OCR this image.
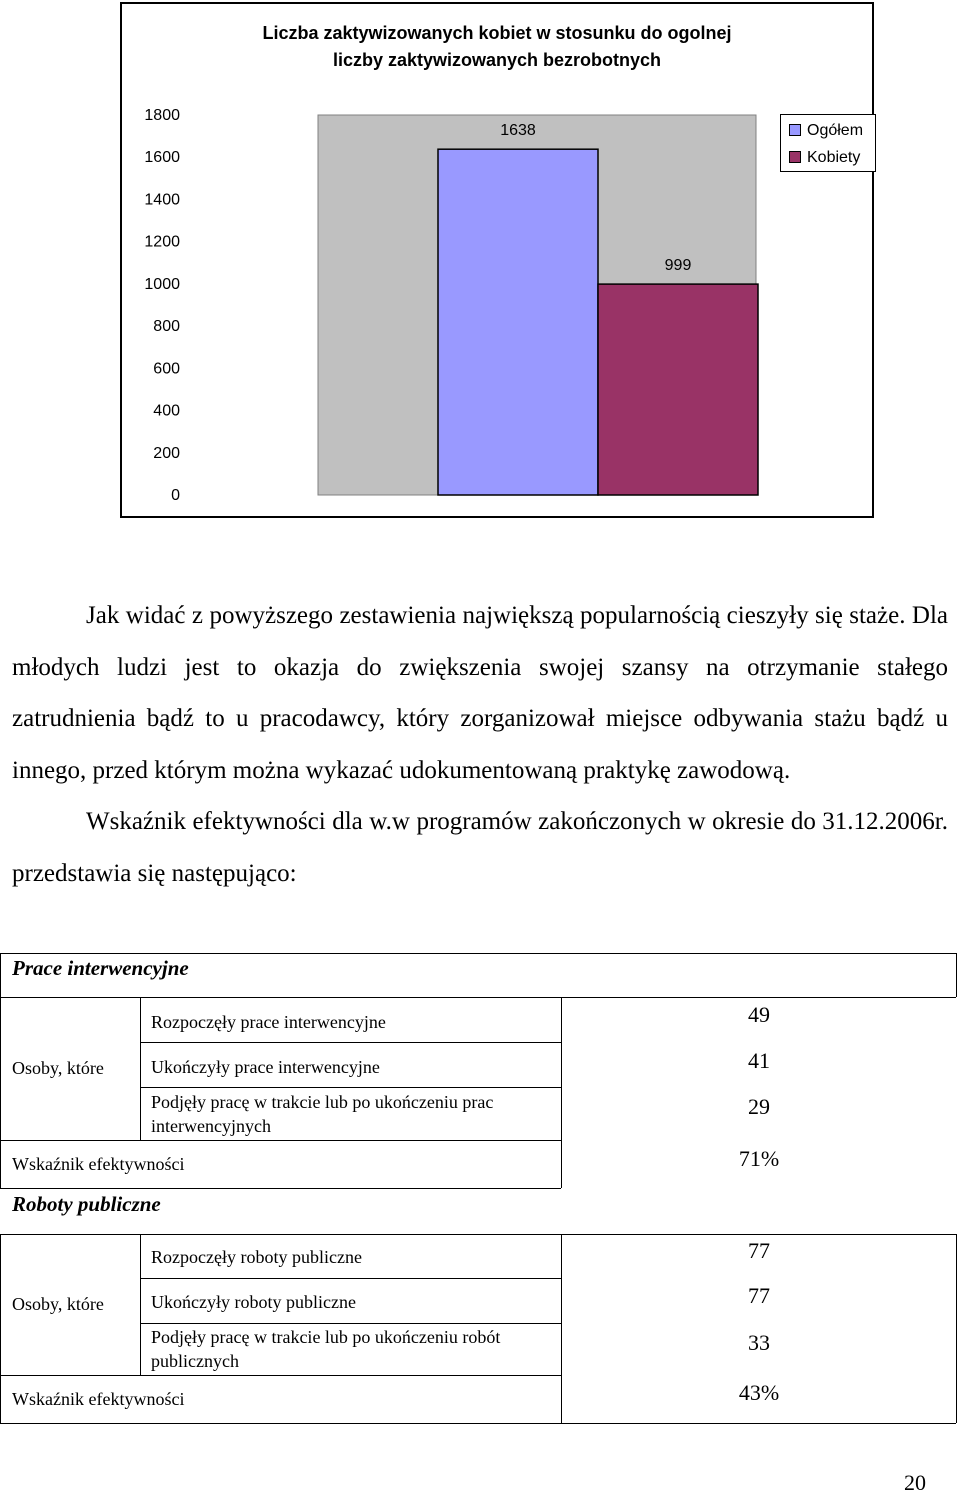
Liczba zaktywizowanych kobiet w stosunku do ogolnej
liczby zaktywizowanych bezrobotnych
0
200
400
600
800
1000
1200
1400
1600
1800
1638
999
Ogółem
Kobiety

Jak widać z powyższego zestawienia największą popularnością cieszyły się staże. Dla młodych ludzi jest to okazja do zwiększenia swojej szansy na otrzymanie stałego zatrudnienia bądź to u pracodawcy, który zorganizował miejsce odbywania stażu bądź u innego, przed którym można wykazać udokumentowaną praktykę zawodową.

Wskaźnik efektywności dla w.w programów zakończonych w okresie do 31.12.2006r. przedstawia się następująco:

Prace interwencyjne
Osoby, które
Rozpoczęły prace interwencyjne
Ukończyły prace interwencyjne
Podjęły pracę w trakcie lub po ukończeniu prac interwencyjnych
49
41
29
Wskaźnik efektywności	71%
Roboty publiczne
Osoby, które
Rozpoczęły roboty publiczne
Ukończyły roboty publiczne
Podjęły pracę w trakcie lub po ukończeniu robót publicznych
77
77
33
Wskaźnik efektywności	43%
20
